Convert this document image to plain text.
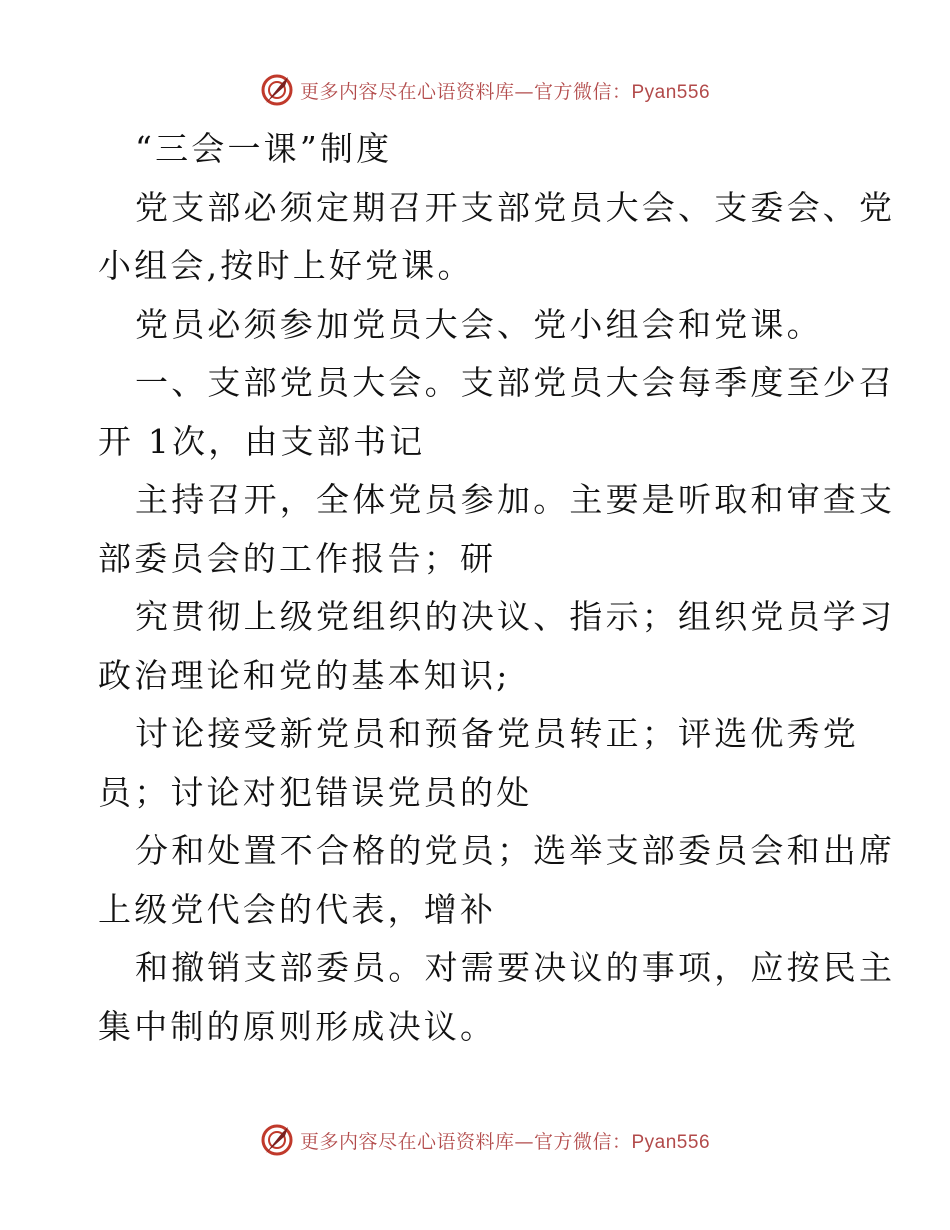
更多内容尽在心语资料库—官方微信：Pyan556
“三会一课”制度
党支部必须定期召开支部党员大会、支委会、党
小组会,按时上好党课。
党员必须参加党员大会、党小组会和党课。
一、支部党员大会。支部党员大会每季度至少召
开 1次，由支部书记
主持召开，全体党员参加。主要是听取和审查支
部委员会的工作报告；研
究贯彻上级党组织的决议、指示；组织党员学习
政治理论和党的基本知识;
讨论接受新党员和预备党员转正；评选优秀党
员；讨论对犯错误党员的处
分和处置不合格的党员；选举支部委员会和出席
上级党代会的代表，增补
和撤销支部委员。对需要决议的事项，应按民主
集中制的原则形成决议。
更多内容尽在心语资料库—官方微信：Pyan556
